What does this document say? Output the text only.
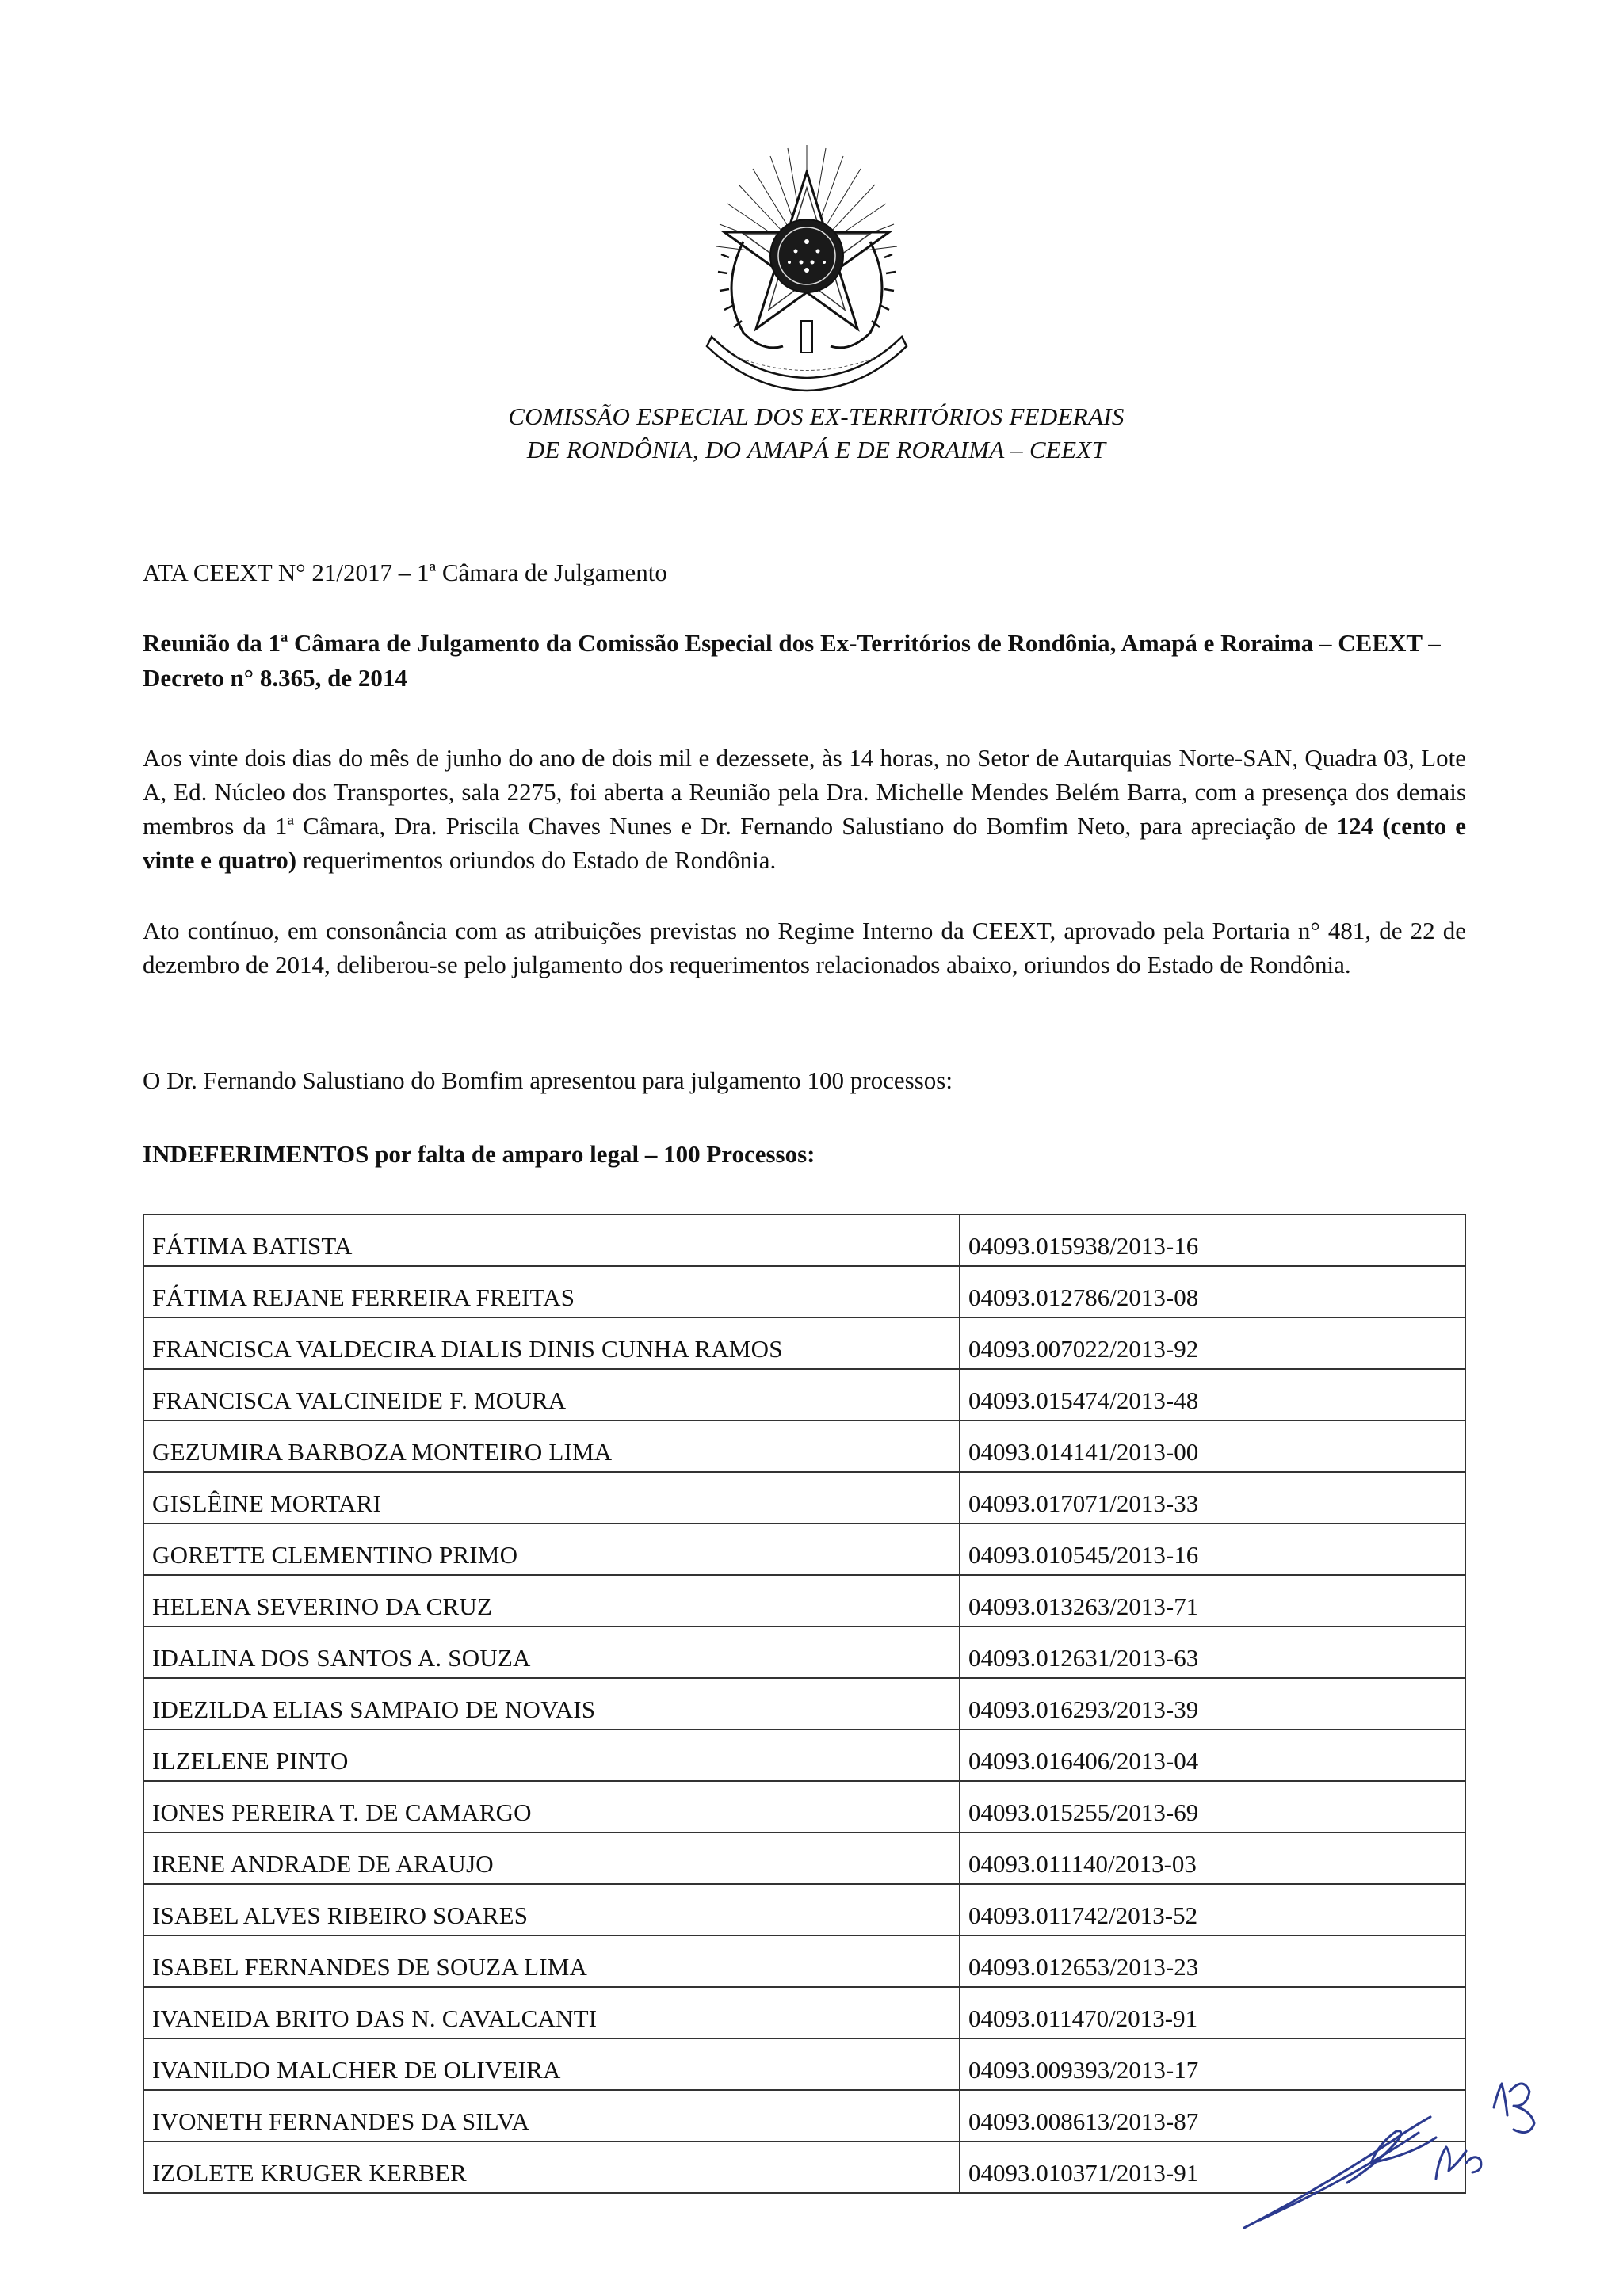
COMISSÃO ESPECIAL DOS EX-TERRITÓRIOS FEDERAIS
DE RONDÔNIA, DO AMAPÁ E DE RORAIMA – CEEXT
ATA CEEXT N° 21/2017 – 1ª Câmara de Julgamento
Reunião da 1ª Câmara de Julgamento da Comissão Especial dos Ex-Territórios de Rondônia, Amapá e Roraima – CEEXT – Decreto n° 8.365, de 2014
Aos vinte dois dias do mês de junho do ano de dois mil e dezessete, às 14 horas, no Setor de Autarquias Norte-SAN, Quadra 03, Lote A, Ed. Núcleo dos Transportes, sala 2275, foi aberta a Reunião pela Dra. Michelle Mendes Belém Barra, com a presença dos demais membros da 1ª Câmara, Dra. Priscila Chaves Nunes e Dr. Fernando Salustiano do Bomfim Neto, para apreciação de 124 (cento e vinte e quatro) requerimentos oriundos do Estado de Rondônia.
Ato contínuo, em consonância com as atribuições previstas no Regime Interno da CEEXT, aprovado pela Portaria n° 481, de 22 de dezembro de 2014, deliberou-se pelo julgamento dos requerimentos relacionados abaixo, oriundos do Estado de Rondônia.
O Dr. Fernando Salustiano do Bomfim apresentou para julgamento 100 processos:
INDEFERIMENTOS por falta de amparo legal – 100 Processos:
FÁTIMA BATISTA	04093.015938/2013-16
FÁTIMA REJANE FERREIRA FREITAS	04093.012786/2013-08
FRANCISCA VALDECIRA DIALIS DINIS CUNHA RAMOS	04093.007022/2013-92
FRANCISCA VALCINEIDE F. MOURA	04093.015474/2013-48
GEZUMIRA BARBOZA MONTEIRO LIMA	04093.014141/2013-00
GISLÊINE MORTARI	04093.017071/2013-33
GORETTE CLEMENTINO PRIMO	04093.010545/2013-16
HELENA SEVERINO DA CRUZ	04093.013263/2013-71
IDALINA DOS SANTOS A. SOUZA	04093.012631/2013-63
IDEZILDA ELIAS SAMPAIO DE NOVAIS	04093.016293/2013-39
ILZELENE PINTO	04093.016406/2013-04
IONES PEREIRA T. DE CAMARGO	04093.015255/2013-69
IRENE ANDRADE DE ARAUJO	04093.011140/2013-03
ISABEL ALVES RIBEIRO SOARES	04093.011742/2013-52
ISABEL FERNANDES DE SOUZA LIMA	04093.012653/2013-23
IVANEIDA BRITO DAS N. CAVALCANTI	04093.011470/2013-91
IVANILDO MALCHER DE OLIVEIRA	04093.009393/2013-17
IVONETH FERNANDES DA SILVA	04093.008613/2013-87
IZOLETE KRUGER KERBER	04093.010371/2013-91
